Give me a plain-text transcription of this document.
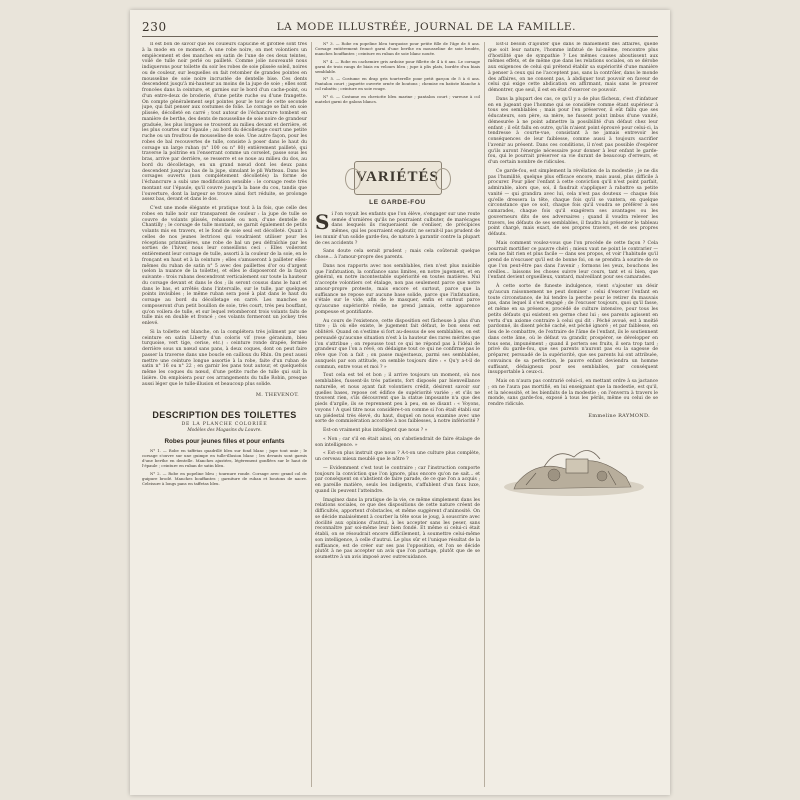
230	LA MODE ILLUSTRÉE, JOURNAL DE LA FAMILLE.

Il est bon de savoir que les couleurs capucine et giroflée sont très à la mode en ce moment. A une robe noire, on met volontiers un empiècement et des manches en satin de l'une de ces deux teintes, voilé de tulle noir perlé ou pailleté. Comme jolie nouveauté nous indiquerons pour toilette du soir les robes de soie plissée soleil, noires ou de couleur, sur lesquelles on fait retomber de grandes pointes en mousseline de soie noire incrustée de dentelle bise. Ces dents descendent jusqu'à mi-hauteur au moins de la jupe de soie ; elles sont froncées dans la ceinture, et garnies sur le bord d'un cache-point, ou d'un entre-deux de broderie, d'une petite ruche ou d'une frangette. On compte généralement sept pointes pour le tour de cette seconde jupe, qui fait penser aux costumes de folie. Le corsage se fait en soie plissée, décolleté en carré ; tout autour de l'échancrure tombent en manière de berthe, des dents de mousseline de soie noire de grandeur graduée, les plus longues se trouvent au milieu devant et derrière, et les plus courtes sur l'épaule ; au bord du décolletage court une petite ruche ou un froufrou de mousseline de soie. Une autre façon, pour les robes de bal recouvertes de tulle, consiste à poser dans le haut du corsage un large ruban (n° 100 ou n° 80) entièrement pailleté, qui traverse la poitrine en l'enserrant comme un corselet, passe sous les bras, arrive par derrière, se resserre et se noue au milieu du dos, au bord du décolletage, en un grand nœud dont les deux pans descendent jusqu'au bas de la jupe, simulant le pli Watteau. Dans les corsages ouverts (non complètement décolletés) la forme de l'échancrure a subi une modification sensible : le corsage reste très montant sur l'épaule, qu'il couvre jusqu'à la base du cou, tandis que l'ouverture, dont la largeur se trouve ainsi fort réduite, se prolonge assez bas, devant et dans le dos.

C'est une mode élégante et pratique tout à la fois, que celle des robes en tulle noir sur transparent de couleur : la jupe de tulle se couvre de volants plissés, rehaussés ou non, d'une dentelle de Chantilly ; le corsage de tulle montant, se garnit également de petits volants mis en travers, et le fond de soie seul est décolleté. Quant à celles de nos jeunes lectrices qui voudraient utiliser pour les réceptions printanières, une robe de bal un peu défraîchie par les sorties de l'hiver, nous leur conseillons ceci : Elles voileront entièrement leur corsage de tulle, assorti à la couleur de la soie, en le fronçant en haut et à la ceinture ; elles s'amuseront à pailleter elles-mêmes du ruban de satin n° 5 avec des paillettes d'or ou d'argent (selon la nuance de la toilette), et elles le disposeront de la façon suivante : trois rubans descendront verticalement sur toute la hauteur du corsage devant et dans le dos ; ils seront cousus dans le haut et dans le bas, et arrêtés dans l'intervalle, sur le tulle, par quelques points invisibles ; le même ruban sera posé à plat dans le haut du corsage au bord du décolletage en carré. Les manches se composeront d'un petit bouillon de soie, très court, très peu bouffant, qu'on voilera de tulle, et sur lequel retomberont trois volants faits de tulle mis en double et froncé ; ces volants formeront un jockey très enlevé.

Si la toilette est blanche, on la complétera très joliment par une ceinture en satin Liberty d'un coloris vif (rose géranium, bleu turquoise, vert tige, cerise, etc.) : ceinture ronde drapée, fermée derrière sous un nœud sans pans, à deux coques, dont on peut faire passer la traverse dans une boucle en cailloux du Rhin. On peut aussi mettre une ceinture longue assortie à la robe, faite d'un ruban de satin n° 16 ou n° 22 ; en garnir les pans tout autour, et quelquefois même les coques du nœud, d'une petite ruche de tulle qui suit la lisière. On emploiera pour ces arrangements du tulle Robin, presque aussi léger que le tulle-illusion et beaucoup plus solide.

M. THEVENOT.
DESCRIPTION DES TOILETTES
DE LA PLANCHE COLORIÉE
Modèles des Magasins du Louvre.
Robes pour jeunes filles et pour enfants

N° 1. — Robe en taffetas quadrillé bleu sur fond blanc ; jupe tout unie ; le corsage s'ouvre sur une guimpe en tulle-illusion blanc ; les devants sont garnis d'une berthe en dentelle. Manches ajustées, légèrement gonflées sur le haut de l'épaule ; ceinture en ruban de satin bleu.

N° 2. — Robe en popeline bleu ; tournure ronde. Corsage avec grand col de guipure brodé. Manches bouffantes ; garniture de ruban et boutons de nacre. Celeisure à longs pans en taffetas bleu.

N° 3. — Robe en popeline bleu turquoise pour petite fille de l'âge de 8 ans. Corsage entièrement froncé garni d'une berthe en mousseline de soie brodée, manches bouffantes ; ceinture en ruban de soie blanc nouée.

N° 4. — Robe en cachemire gris ardoise pour fillette de 4 à 6 ans. Le corsage garni de trois rangs de biais en velours bleu ; jupe à plis plats, bordée d'un biais semblable.

N° 5. — Costume en drap gris tourterelle pour petit garçon de 5 à 6 ans. Pantalon court ; jaquette ouverte ornée de boutons ; chemise en batiste blanche à col rabattu ; ceinture en soie rouge.

N° 6. — Costume en cheviotte bleu marine ; pantalon court ; vareuse à col matelot garni de galons blancs.

VARIÉTÉS
LE GARDE-FOU

Si l'on voyait les enfants que l'on élève, s'engager sur une route semée d'ornières qu'ils ne pourraient culbuter, de marécages dans lesquels ils risqueraient de s'enliser, de précipices mêmes, qui les pourraient engloutir, ne serait-il pas prudent de les munir d'un solide garde-fou, de nature à garantir contre la plupart de ces accidents ?

Sans doute cela serait prudent ; mais cela coûterait quelque chose... à l'amour-propre des parents.

Dans nos rapports avec nos semblables, rien n'est plus nuisible que l'infatuation, la confiance sans limites, en notre jugement, et en général, en notre incontestable supériorité en toutes matières. Nul n'accepte volontiers cet étalage, non pas seulement parce que notre amour-propre proteste, mais encore et surtout, parce que la suffisance ne repose sur aucune base solide, parce que l'infatuation, s'étale sur le vide, afin de le masquer, enfin et surtout parce qu'aucune supériorité réelle, ne prend jamais, cette apparence pompeuse et pontifiante.

Au cours de l'existence, cette disposition est fâcheuse à plus d'un titre ; là où elle existe, le jugement fait défaut, le bon sens est oblitéré. Quand on s'estime si fort au-dessus de ses semblables, on est persuadé qu'aucune situation n'est à la hauteur des rares mérites que l'on s'attribue ; on repousse tout ce qui ne répond pas à l'idéal de grandeur que l'on a rêvé, on dédaigne tout ce qui ne confirme pas le rêve que l'on a fait ; on passe majestueux, parmi ses semblables, auxquels par son attitude, on semble toujours dire : « Qu'y a-t-il de commun, entre vous et moi ? »

Tout cela est tel et bon ; il arrive toujours un moment, où nos semblables, fussent-ils très patients, fort disposés par bienveillance naturelle, et nous ayant fait volontiers crédit, désirent savoir sur quelles bases, repose cet édifice de supériorité variée ; et s'ils ne trouvent rien, s'ils découvrent que la statue imposante n'a que des pieds d'argile, ils se reprennent peu à peu, en se disant : « Voyons, voyons ! A quel titre nous considère-t-on comme si l'on était établi sur un piédestal très élevé, du haut, duquel on nous examine avec une sorte de commisération accordée à nos faiblesses, à notre infériorité ?

Est-on vraiment plus intelligent que nous ? »

« Non ; car s'il en était ainsi, on s'abstiendrait de faire étalage de son intelligence. »

« Est-on plus instruit que nous ? A-t-on une culture plus complète, un cerveau mieux meublé que le nôtre ?

— Evidemment c'est tout le contraire ; car l'instruction comporte toujours la conviction que l'on ignore, plus encore qu'on ne sait... et par conséquent on s'abstient de faire parade, de ce que l'on a acquis ; en pareille matière, seuls les indigents, s'affublent d'un faux luxe, quand ils peuvent l'atteindre.

Imaginez dans la pratique de la vie, ce même simplement dans les relations sociales, ce que des dispositions de cette nature créent de difficultés, apportent d'obstacles, et même suggèrent d'animosité. On se décide malaisément à courber la tête sous le joug, à souscrire avec docilité aux opinions d'autrui, à les accepter sans les peser, sans reconnaître par soi-même leur bien fondé. Et même si celui-ci était établi, on se résoudrait encore difficilement, à soumettre celui-même son intelligence, à celle d'autrui. Le plus sûr et l'unique résultat de la suffisance, est de créer sur ses pas l'opposition, et l'on se décide plutôt à ne pas accepter un avis que l'on partage, plutôt que de se soumettre à un avis imposé avec outrecuidance.

Est-il besoin d'ajouter que dans le maniement des affaires, quelle que soit leur nature, l'homme infatué de lui-même, rencontre plus d'hostilité que de sympathie ? Les mêmes causes aboutissent aux mêmes effets, et de même que dans les relations sociales, on se dérobe aux exigences de celui qui prétend établir sa supériorité d'une manière à penser à ceux qui ne l'acceptent pas, sans la contrôler, dans le monde des affaires, on ne consent pas, à abdiquer tout pouvoir en faveur de celui qui exige cette abdication en affirmant, mais sans le prouver démontrer, que seul, il est en état d'exercer ce pouvoir.

Dans la plupart des cas, ce qu'il y a de plus fâcheux, c'est d'infatuer en en jugeant que l'homme qui se considère comme étant supérieur à tous ses semblables ; mais pour l'en préserver, il eût fallu que ses éducateurs, son père, sa mère, ne fussent point imbus d'une vanité, démesurée à ne point admettre la possibilité d'un défaut chez leur enfant ; il eût fallu en outre, qu'ils n'aient point éprouvé pour celui-ci, la tendresse à courte-vue, consistant à ne jamais entrevoir les conséquences de leur faiblesse, comme aussi à toujours sacrifier l'avenir au présent. Dans ces conditions, il n'est pas possible d'espérer qu'ils auront l'énergie nécessaire pour donner à leur enfant le garde-fou, qui le pourrait préserver sa vie durant de beaucoup d'erreurs, et d'un certain nombre de ridicules.

Ce garde-fou, est simplement la révélation de la modestie ; je ne dis pas l'humilité, quelque plus efficace encore, mais aussi, plus difficile à procurer. Pour plier l'enfant à cette conviction qu'il n'est point parfait, admirable, alors que, soi, il faudrait s'appliquer à rabattre sa petite vanité — qui grandira avec lui, cela n'est pas douteux — chaque fois qu'elle dressera la tête, chaque fois qu'il se vantera, en quelque circonstance que ce soit, chaque fois qu'il voudra se préférer à ses camarades, chaque fois qu'il exagérera ses avantages ou les gouverneurs dits de ses adversaires ; quand il voudra relever les travers, les défauts de ses semblables, il faudra lui présenter le tableau point chargé, mais exact, de ses propres travers, et de ses propres défauts.

Mais comment voulez-vous que l'on procède de cette façon ? Cela pourrait mortifier ce pauvre chéri ; mieux vaut ne point le contrarier — cela ne fait rien et plus facile — dans ses propos, et voir l'habitude qu'il prend de n'excuser qu'il est de bonne foi, on se prendra à sourire de ce que l'on peut-être pas dans l'avenir ; formons les yeux, bouchons les oreilles... laissons les choses suivre leur cours, tant et si bien, que l'enfant devient orgueilleux, vantard, malveillant pour ses camarades.

À cette sorte de funeste indulgence, vient s'ajouter un désir qu'aucun raisonnement ne peut dominer : celui d'exercer l'enfant en toute circonstance, de lui tendre la perche pour le retirer du mauvais pas, dans lequel il s'est engagé ; de l'excuser toujours, quoi qu'il fasse, et même en sa présence, procédé de culture intensive, pour tous les petits défauts qui existent en germe chez lui ; ses parents agissent en vertu d'un axiome contraire à celui qui dit : Péché avoué, est à moitié pardonné, ils disent péché caché, est péché ignoré ; et par faiblesse, en lieu de le combattre, de l'extraire de l'âme de l'enfant, ils le soutiennent dans cette âme, où le défaut va grandir, prospérer, se développer en tous sens, impunément ; quand il portera ses fruits, il sera trop tard ; privé du garde-fou, que ses parents n'auront pas eu la sagesse de préparer, persuadé de la supériorité, que ses parents lui ont attribuée, convaincu de sa perfection, le pauvre enfant deviendra un homme suffisant, dédaigneux pour ses semblables, par conséquent insupportable à ceux-ci.

Mais on n'aura pas contrarié celui-ci, en mettant ordre à sa jactance ; on ne l'aura pas mortifié, en lui enseignant que la modestie, est qu'il, et la nécessité, et les bienfaits de la modestie ; on l'enverra à travers le monde, sans garde-fou, exposé à tous les périls, même ou celui de se rendre ridicule.

Emmeline RAYMOND.
